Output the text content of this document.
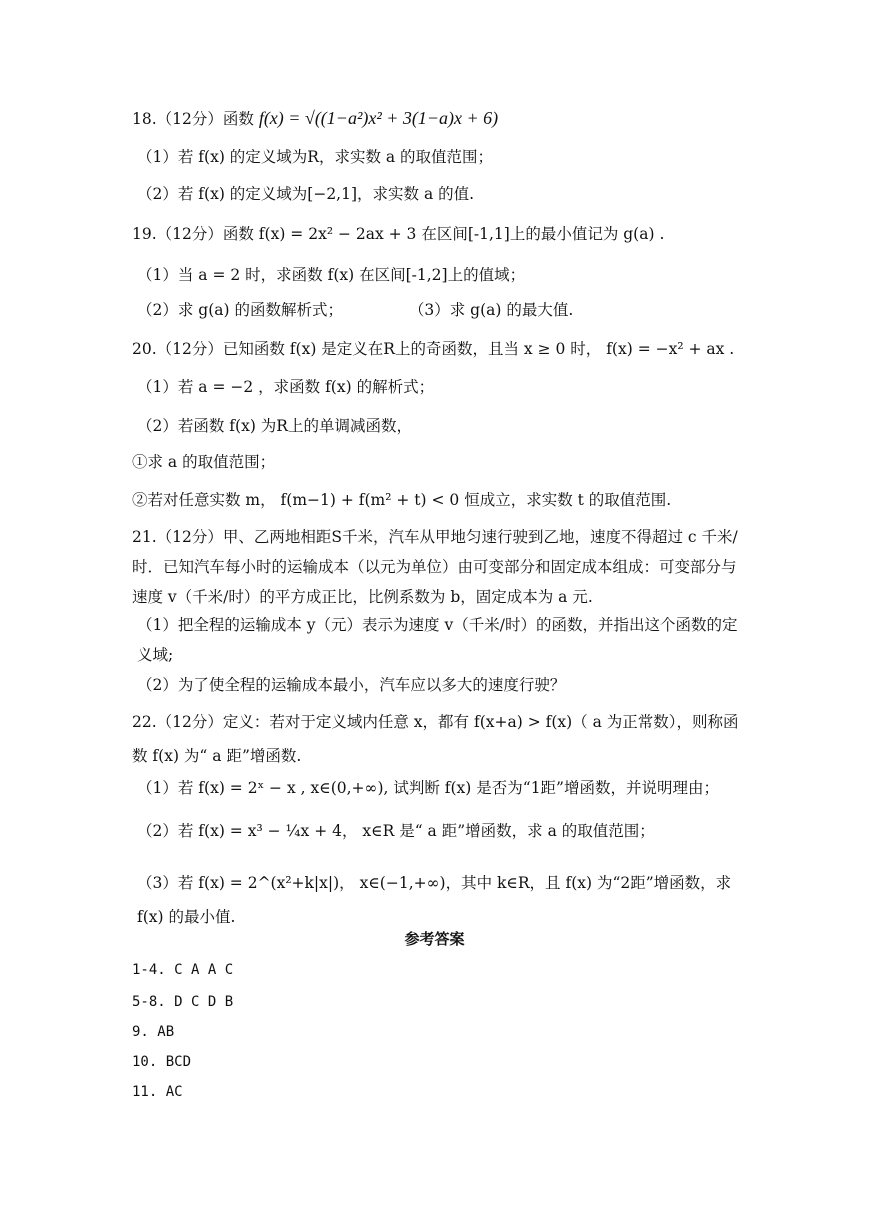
18.（12分）函数 f(x) = √((1−a²)x² + 3(1−a)x + 6)
（1）若 f(x) 的定义域为R，求实数 a 的取值范围；
（2）若 f(x) 的定义域为[−2,1]，求实数 a 的值.
19.（12分）函数 f(x) = 2x² − 2ax + 3 在区间[-1,1]上的最小值记为 g(a) .
（1）当 a = 2 时，求函数 f(x) 在区间[-1,2]上的值域；
（2）求 g(a) 的函数解析式；	（3）求 g(a) 的最大值.
20.（12分）已知函数 f(x) 是定义在R上的奇函数，且当 x ≥ 0 时， f(x) = −x² + ax .
（1）若 a = −2 ，求函数 f(x) 的解析式；
（2）若函数 f(x) 为R上的单调减函数，
①求 a 的取值范围；
②若对任意实数 m， f(m−1) + f(m² + t) < 0 恒成立，求实数 t 的取值范围.
21.（12分）甲、乙两地相距S千米，汽车从甲地匀速行驶到乙地，速度不得超过 c 千米/时．已知汽车每小时的运输成本（以元为单位）由可变部分和固定成本组成：可变部分与速度 v（千米/时）的平方成正比，比例系数为 b，固定成本为 a 元.
（1）把全程的运输成本 y（元）表示为速度 v（千米/时）的函数，并指出这个函数的定义域;
（2）为了使全程的运输成本最小，汽车应以多大的速度行驶？
22.（12分）定义：若对于定义域内任意 x，都有 f(x+a) > f(x)（ a 为正常数），则称函数 f(x) 为“ a 距”增函数.
（1）若 f(x) = 2ˣ − x , x∈(0,+∞), 试判断 f(x) 是否为“1距”增函数，并说明理由；
（2）若 f(x) = x³ − ¼x + 4， x∈R 是“ a 距”增函数，求 a 的取值范围；
（3）若 f(x) = 2^(x²+k|x|)， x∈(−1,+∞)，其中 k∈R，且 f(x) 为“2距”增函数，求 f(x) 的最小值.
参考答案
1-4. C A A C
5-8. D C D B
9. AB
10. BCD
11. AC
